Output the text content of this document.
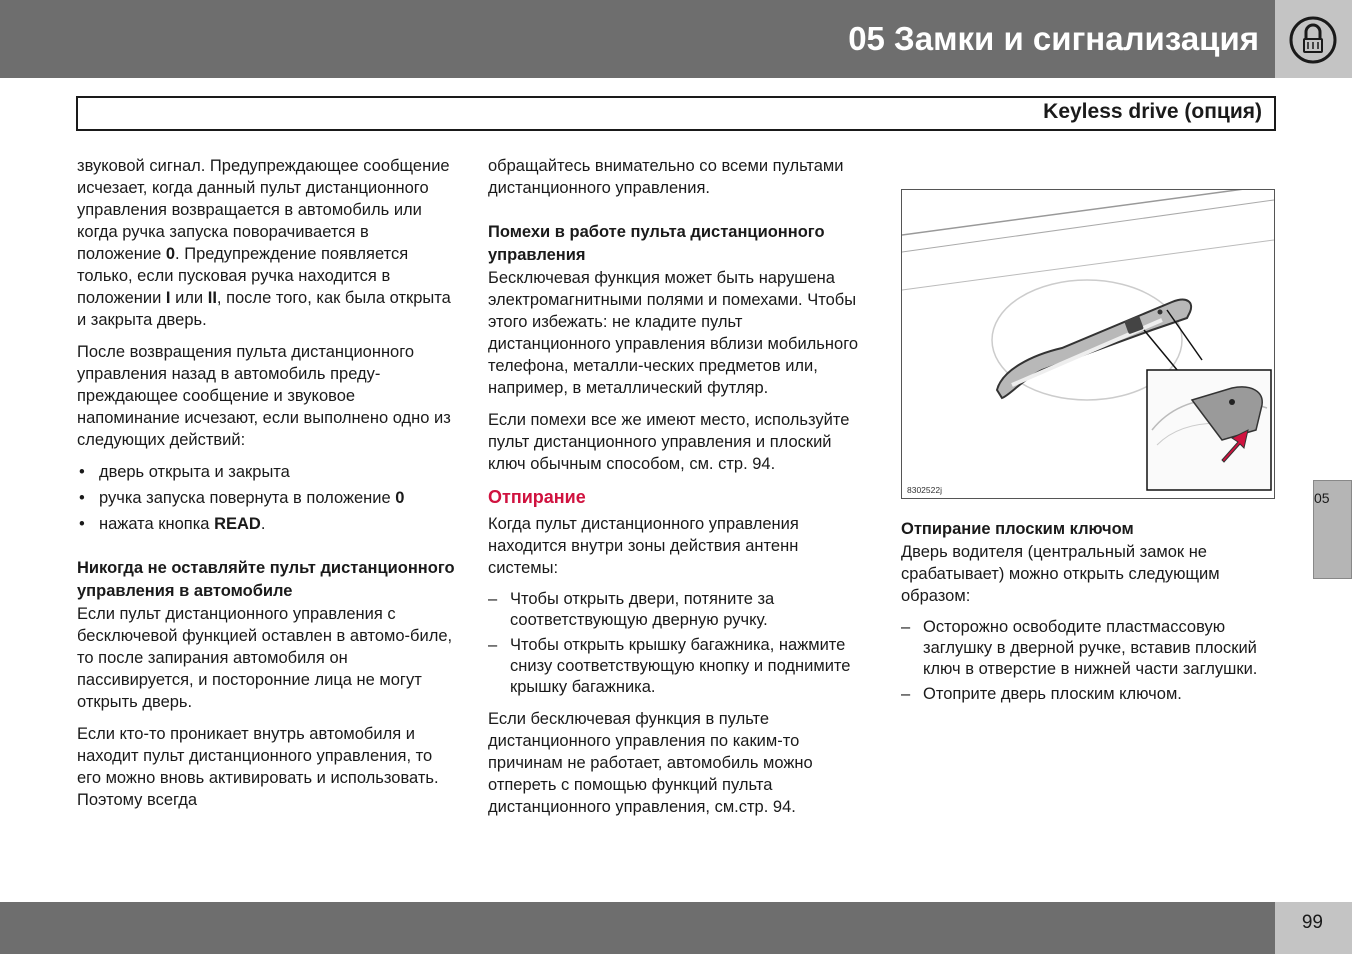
05 Замки и сигнализация
Keyless drive (опция)

звуковой сигнал. Предупреждающее сообщение исчезает, когда данный пульт дистанционного управления возвращается в автомобиль или когда ручка запуска поворачивается в положение 0. Предупреждение появляется только, если пусковая ручка находится в положении I или II, после того, как была открыта и закрыта дверь.

После возвращения пульта дистанционного управления назад в автомобиль преду-преждающее сообщение и звуковое напоминание исчезают, если выполнено одно из следующих действий:

• дверь открыта и закрыта
• ручка запуска повернута в положение 0
• нажата кнопка READ.
Никогда не оставляйте пульт дистанционного управления в автомобиле

Если пульт дистанционного управления с бесключевой функцией оставлен в автомо-биле, то после запирания автомобиля он пассивируется, и посторонние лица не могут открыть дверь.

Если кто-то проникает внутрь автомобиля и находит пульт дистанционного управления, то его можно вновь активировать и использовать. Поэтому всегда

обращайтесь внимательно со всеми пультами дистанционного управления.

Помехи в работе пульта дистанционного управления

Бесключевая функция может быть нарушена электромагнитными полями и помехами. Чтобы этого избежать: не кладите пульт дистанционного управления вблизи мобильного телефона, металли-ческих предметов или, например, в металлический футляр.

Если помехи все же имеют место, используйте пульт дистанционного управления и плоский ключ обычным способом, см. стр. 94.

Отпирание

Когда пульт дистанционного управления находится внутри зоны действия антенн системы:

– Чтобы открыть двери, потяните за соответствующую дверную ручку.
– Чтобы открыть крышку багажника, нажмите снизу соответствующую кнопку и поднимите крышку багажника.

Если бесключевая функция в пульте дистанционного управления по каким-то причинам не работает, автомобиль можно отпереть с помощью функций пульта дистанционного управления, см.стр. 94.

8302522j
Отпирание плоским ключом

Дверь водителя (центральный замок не срабатывает) можно открыть следующим образом:

– Осторожно освободите пластмассовую заглушку в дверной ручке, вставив плоский ключ в отверстие в нижней части заглушки.
– Отоприте дверь плоским ключом.
05
99
